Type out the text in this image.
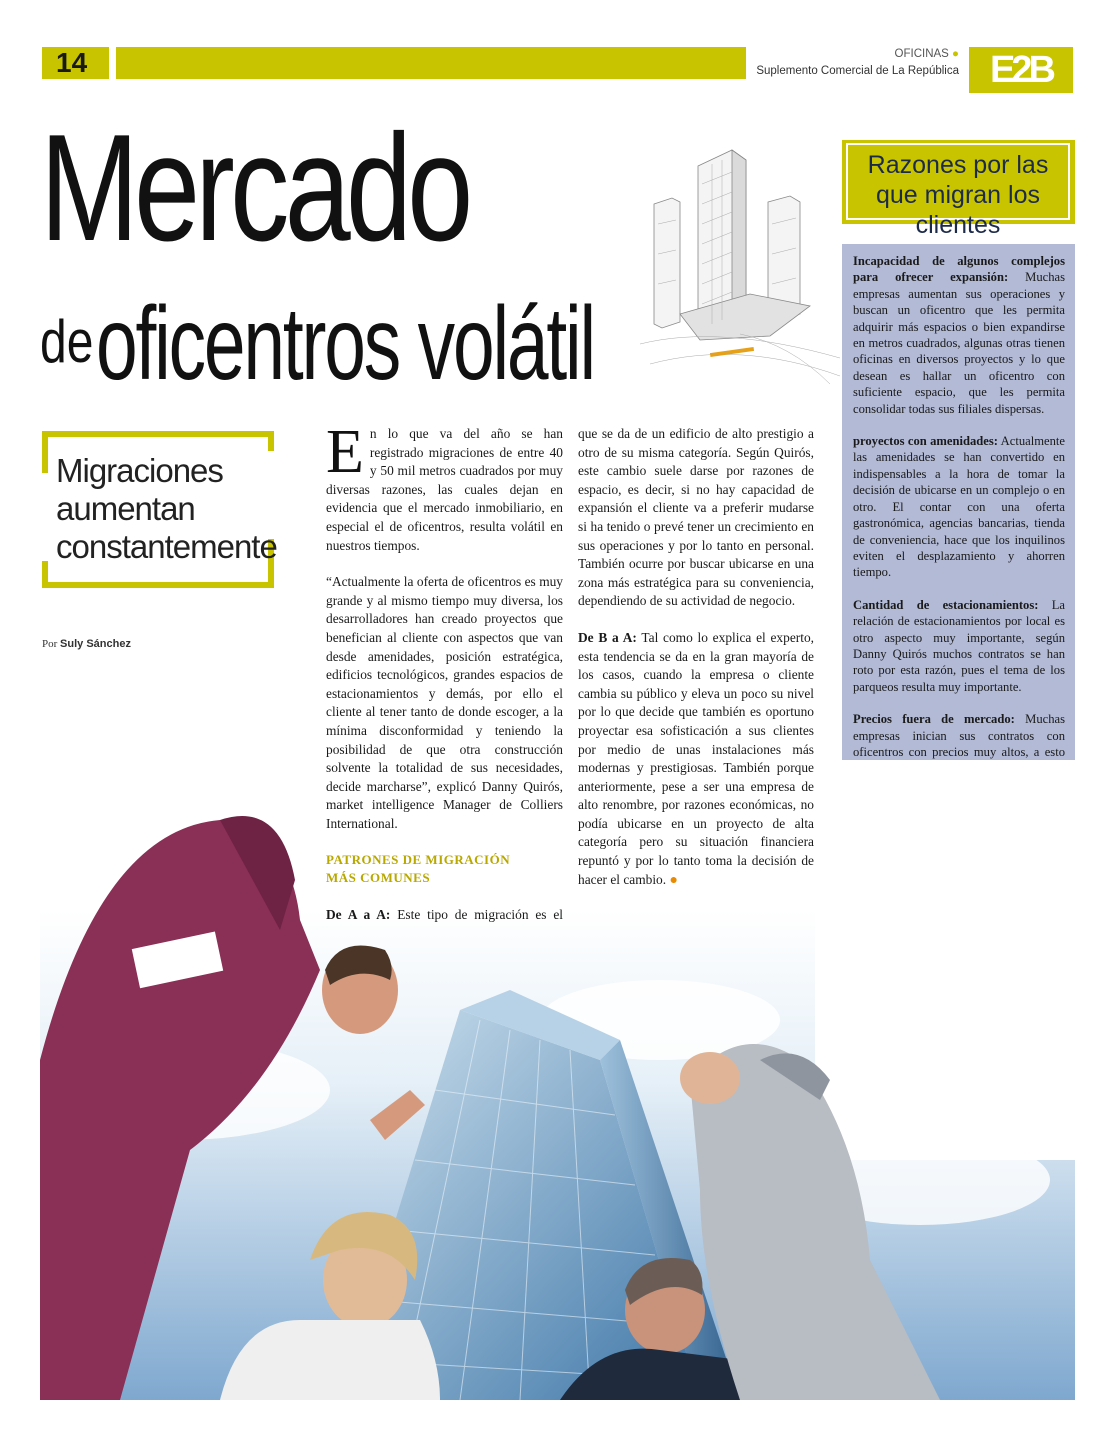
14	OFICINAS ●
Suplemento Comercial de La República E2B
Mercado
de oficentros volátil
Migraciones aumentan constantemente
Por Suly Sánchez
Razones por las que migran los clientes

Incapacidad de algunos complejos para ofrecer expansión: Muchas empresas aumentan sus operaciones y buscan un oficentro que les permita adquirir más espacios o bien expandirse en metros cuadrados, algunas otras tienen oficinas en diversos proyectos y lo que desean es hallar un oficentro con suficiente espacio, que les permita consolidar todas sus filiales dispersas.

proyectos con amenidades: Actualmente las amenidades se han convertido en indispensables a la hora de tomar la decisión de ubicarse en un complejo o en otro. El contar con una oferta gastronómica, agencias bancarias, tienda de conveniencia, hace que los inquilinos eviten el desplazamiento y ahorren tiempo.

Cantidad de estacionamientos: La relación de estacionamientos por local es otro aspecto muy importante, según Danny Quirós muchos contratos se han roto por esta razón, pues el tema de los parqueos resulta muy importante.

Precios fuera de mercado: Muchas empresas inician sus contratos con oficentros con precios muy altos, a esto

En lo que va del año se han registrado migraciones de entre 40 y 50 mil metros cuadrados por muy diversas razones, las cuales dejan en evidencia que el mercado inmobiliario, en especial el de oficentros, resulta volátil en nuestros tiempos.

“Actualmente la oferta de oficentros es muy grande y al mismo tiempo muy diversa, los desarrolladores han creado proyectos que benefician al cliente con aspectos que van desde amenidades, posición estratégica, edificios tecnológicos, grandes espacios de estacionamientos y demás, por ello el cliente al tener tanto de donde escoger, a la mínima disconformidad y teniendo la posibilidad de que otra construcción solvente la totalidad de sus necesidades, decide marcharse”, explicó Danny Quirós, market intelligence Manager de Colliers International.

PATRONES DE MIGRACIÓN
MÁS COMUNES

De A a A: Este tipo de migración es el

que se da de un edificio de alto prestigio a otro de su misma categoría. Según Quirós, este cambio suele darse por razones de espacio, es decir, si no hay capacidad de expansión el cliente va a preferir mudarse si ha tenido o prevé tener un crecimiento en sus operaciones y por lo tanto en personal. También ocurre por buscar ubicarse en una zona más estratégica para su conveniencia, dependiendo de su actividad de negocio.

De B a A: Tal como lo explica el experto, esta tendencia se da en la gran mayoría de los casos, cuando la empresa o cliente cambia su público y eleva un poco su nivel por lo que decide que también es oportuno proyectar esa sofisticación a sus clientes por medio de unas instalaciones más modernas y prestigiosas. También porque anteriormente, pese a ser una empresa de alto renombre, por razones económicas, no podía ubicarse en un proyecto de alta categoría pero su situación financiera repuntó y por lo tanto toma la decisión de hacer el cambio. ●
